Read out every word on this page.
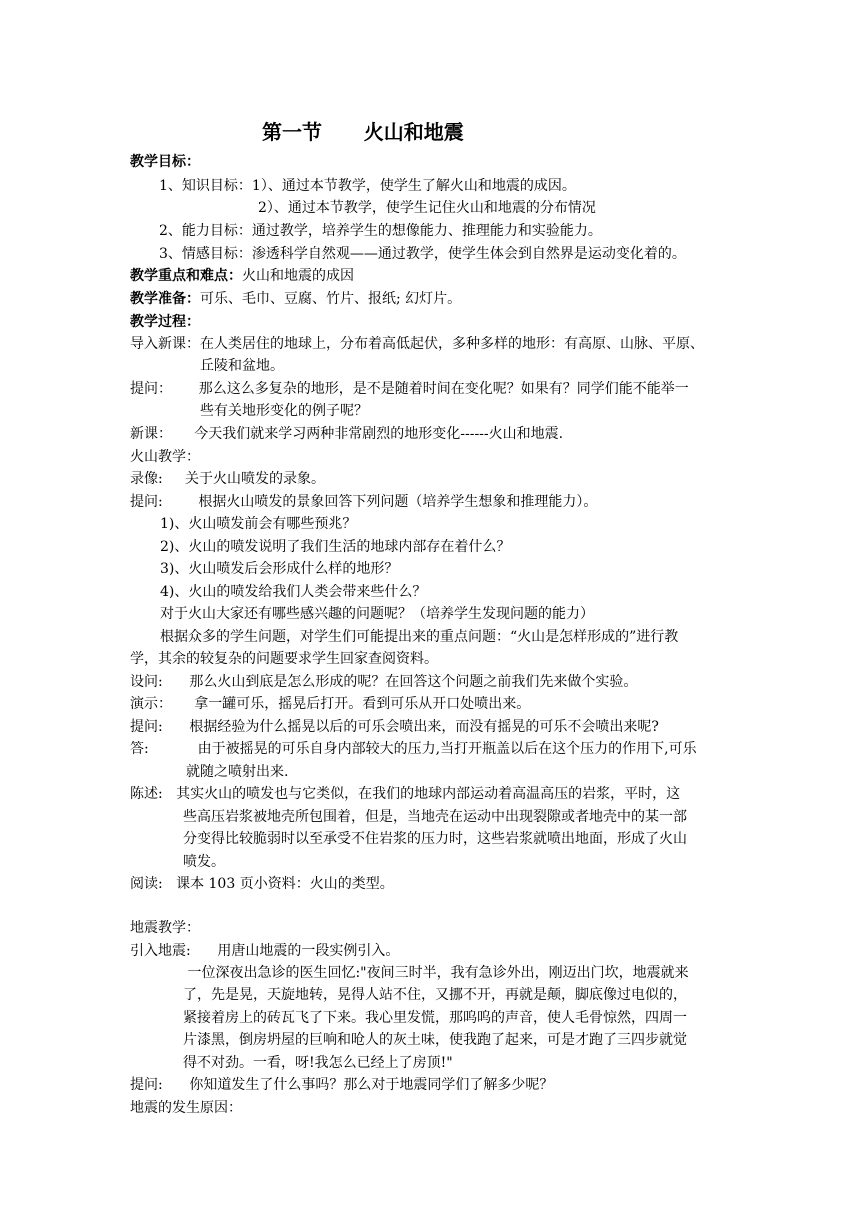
第一节      火山和地震
教学目标：
1、知识目标：1）、通过本节教学，使学生了解火山和地震的成因。
2）、通过本节教学，使学生记住火山和地震的分布情况
2、能力目标：通过教学，培养学生的想像能力、推理能力和实验能力。
3、情感目标：渗透科学自然观——通过教学，使学生体会到自然界是运动变化着的。
教学重点和难点：火山和地震的成因
教学准备：可乐、毛巾、豆腐、竹片、报纸; 幻灯片。
教学过程：
导入新课：在人类居住的地球上，分布着高低起伏，多种多样的地形：有高原、山脉、平原、
丘陵和盆地。
提问：      那么这么多复杂的地形，是不是随着时间在变化呢？如果有？同学们能不能举一
些有关地形变化的例子呢？
新课：     今天我们就来学习两种非常剧烈的地形变化------火山和地震.
火山教学：
录像:     关于火山喷发的录象。
提问:        根据火山喷发的景象回答下列问题（培养学生想象和推理能力）。
1)、火山喷发前会有哪些预兆？
2)、火山的喷发说明了我们生活的地球内部存在着什么？
3)、火山喷发后会形成什么样的地形？
4)、火山的喷发给我们人类会带来些什么？
对于火山大家还有哪些感兴趣的问题呢？（培养学生发现问题的能力）
根据众多的学生问题，对学生们可能提出来的重点问题：“火山是怎样形成的”进行教
学，其余的较复杂的问题要求学生回家查阅资料。
设问:      那么火山到底是怎么形成的呢？在回答这个问题之前我们先来做个实验。
演示：     拿一罐可乐，摇晃后打开。看到可乐从开口处喷出来。
提问:      根据经验为什么摇晃以后的可乐会喷出来，而没有摇晃的可乐不会喷出来呢?
答:           由于被摇晃的可乐自身内部较大的压力,当打开瓶盖以后在这个压力的作用下,可乐
就随之喷射出来.
陈述:   其实火山的喷发也与它类似，在我们的地球内部运动着高温高压的岩浆，平时，这
些高压岩浆被地壳所包围着，但是，当地壳在运动中出现裂隙或者地壳中的某一部
分变得比较脆弱时以至承受不住岩浆的压力时，这些岩浆就喷出地面，形成了火山
喷发。
阅读:   课本 103 页小资料：火山的类型。
地震教学：
引入地震:      用唐山地震的一段实例引入。
一位深夜出急诊的医生回忆:"夜间三时半，我有急诊外出，刚迈出门坎，地震就来
了，先是晃，天旋地转，晃得人站不住，又挪不开，再就是颠，脚底像过电似的，
紧接着房上的砖瓦飞了下来。我心里发慌，那呜呜的声音，使人毛骨惊然，四周一
片漆黑，倒房坍屋的巨响和呛人的灰土味，使我跑了起来，可是才跑了三四步就觉
得不对劲。一看，呀!我怎么已经上了房顶!"
提问:      你知道发生了什么事吗？那么对于地震同学们了解多少呢？
地震的发生原因：
